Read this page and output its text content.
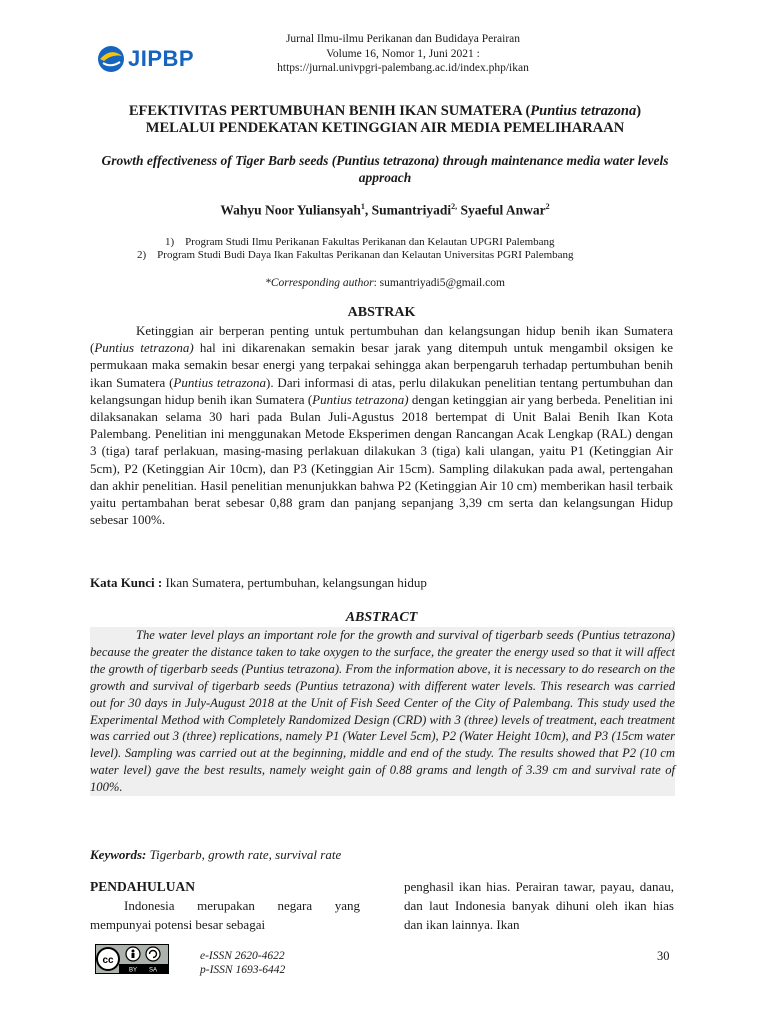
JIPBP
Jurnal Ilmu-ilmu Perikanan dan Budidaya Perairan
Volume 16, Nomor 1, Juni 2021 :
https://jurnal.univpgri-palembang.ac.id/index.php/ikan
EFEKTIVITAS PERTUMBUHAN BENIH IKAN SUMATERA (Puntius tetrazona)
MELALUI PENDEKATAN KETINGGIAN AIR MEDIA PEMELIHARAAN
Growth effectiveness of Tiger Barb seeds (Puntius tetrazona) through maintenance media water levels approach
Wahyu Noor Yuliansyah$^1$, Sumantriyadi$^{2,}$ Syaeful Anwar$^2$
1)    Program Studi Ilmu Perikanan Fakultas Perikanan dan Kelautan UPGRI Palembang
2)    Program Studi Budi Daya Ikan Fakultas Perikanan dan Kelautan Universitas PGRI Palembang
*Corresponding author: sumantriyadi5@gmail.com
ABSTRAK
Ketinggian air berperan penting untuk pertumbuhan dan kelangsungan hidup benih ikan Sumatera (Puntius tetrazona) hal ini dikarenakan semakin besar jarak yang ditempuh untuk mengambil oksigen ke permukaan maka semakin besar energi yang terpakai sehingga akan berpengaruh terhadap pertumbuhan benih ikan Sumatera (Puntius tetrazona). Dari informasi di atas, perlu dilakukan penelitian tentang pertumbuhan dan kelangsungan hidup benih ikan Sumatera (Puntius tetrazona) dengan ketinggian air yang berbeda. Penelitian ini dilaksanakan selama 30 hari pada Bulan Juli-Agustus 2018 bertempat di Unit Balai Benih Ikan Kota Palembang. Penelitian ini menggunakan Metode Eksperimen dengan Rancangan Acak Lengkap (RAL) dengan 3 (tiga) taraf perlakuan, masing-masing perlakuan dilakukan 3 (tiga) kali ulangan, yaitu P1 (Ketinggian Air 5cm), P2 (Ketinggian Air 10cm), dan P3 (Ketinggian Air 15cm). Sampling dilakukan pada awal, pertengahan dan akhir penelitian. Hasil penelitian menunjukkan bahwa P2 (Ketinggian Air 10 cm) memberikan hasil terbaik yaitu pertambahan berat sebesar 0,88 gram dan panjang sepanjang 3,39 cm serta dan kelangsungan Hidup sebesar 100%.
Kata Kunci : Ikan Sumatera, pertumbuhan, kelangsungan hidup
ABSTRACT
The water level plays an important role for the growth and survival of tigerbarb seeds (Puntius tetrazona) because the greater the distance taken to take oxygen to the surface, the greater the energy used so that it will affect the growth of tigerbarb seeds (Puntius tetrazona). From the information above, it is necessary to do research on the growth and survival of tigerbarb seeds (Puntius tetrazona) with different water levels. This research was carried out for 30 days in July-August 2018 at the Unit of Fish Seed Center of the City of Palembang. This study used the Experimental Method with Completely Randomized Design (CRD) with 3 (three) levels of treatment, each treatment was carried out 3 (three) replications, namely P1 (Water Level 5cm), P2 (Water Height 10cm), and P3 (15cm water level). Sampling was carried out at the beginning, middle and end of the study. The results showed that P2 (10 cm water level) gave the best results, namely weight gain of 0.88 grams and length of 3.39 cm and survival rate of 100%.
Keywords: Tigerbarb, growth rate, survival rate
PENDAHULUAN
Indonesia merupakan negara yang mempunyai potensi besar sebagai
penghasil ikan hias. Perairan tawar, payau, danau, dan laut Indonesia banyak dihuni oleh ikan hias dan ikan lainnya. Ikan
cc
BY SA
e-ISSN 2620-4622
p-ISSN 1693-6442
30
